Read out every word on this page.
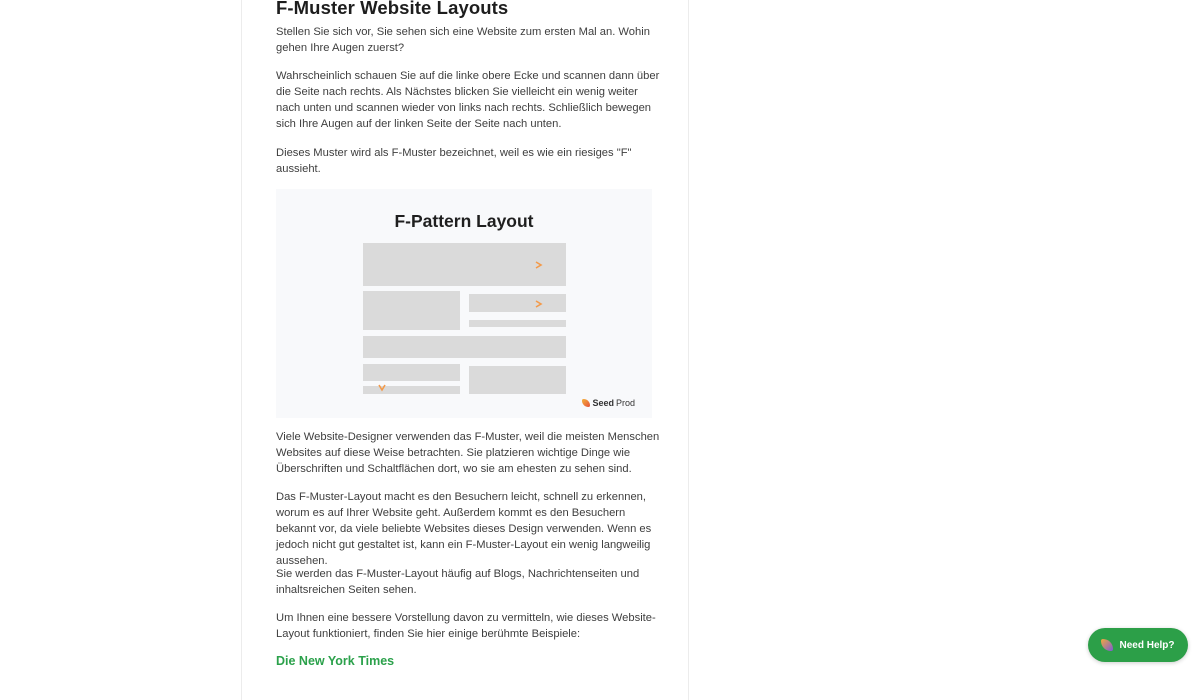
F-Muster Website Layouts

Stellen Sie sich vor, Sie sehen sich eine Website zum ersten Mal an. Wohin gehen Ihre Augen zuerst?

Wahrscheinlich schauen Sie auf die linke obere Ecke und scannen dann über die Seite nach rechts. Als Nächstes blicken Sie vielleicht ein wenig weiter nach unten und scannen wieder von links nach rechts. Schließlich bewegen sich Ihre Augen auf der linken Seite der Seite nach unten.

Dieses Muster wird als F-Muster bezeichnet, weil es wie ein riesiges "F" aussieht.

F-Pattern Layout
Seed Prod

Viele Website-Designer verwenden das F-Muster, weil die meisten Menschen Websites auf diese Weise betrachten. Sie platzieren wichtige Dinge wie Überschriften und Schaltflächen dort, wo sie am ehesten zu sehen sind.

Das F-Muster-Layout macht es den Besuchern leicht, schnell zu erkennen, worum es auf Ihrer Website geht. Außerdem kommt es den Besuchern bekannt vor, da viele beliebte Websites dieses Design verwenden. Wenn es jedoch nicht gut gestaltet ist, kann ein F-Muster-Layout ein wenig langweilig aussehen.

Sie werden das F-Muster-Layout häufig auf Blogs, Nachrichtenseiten und inhaltsreichen Seiten sehen.

Um Ihnen eine bessere Vorstellung davon zu vermitteln, wie dieses Website-Layout funktioniert, finden Sie hier einige berühmte Beispiele:

Die New York Times
Need Help?
